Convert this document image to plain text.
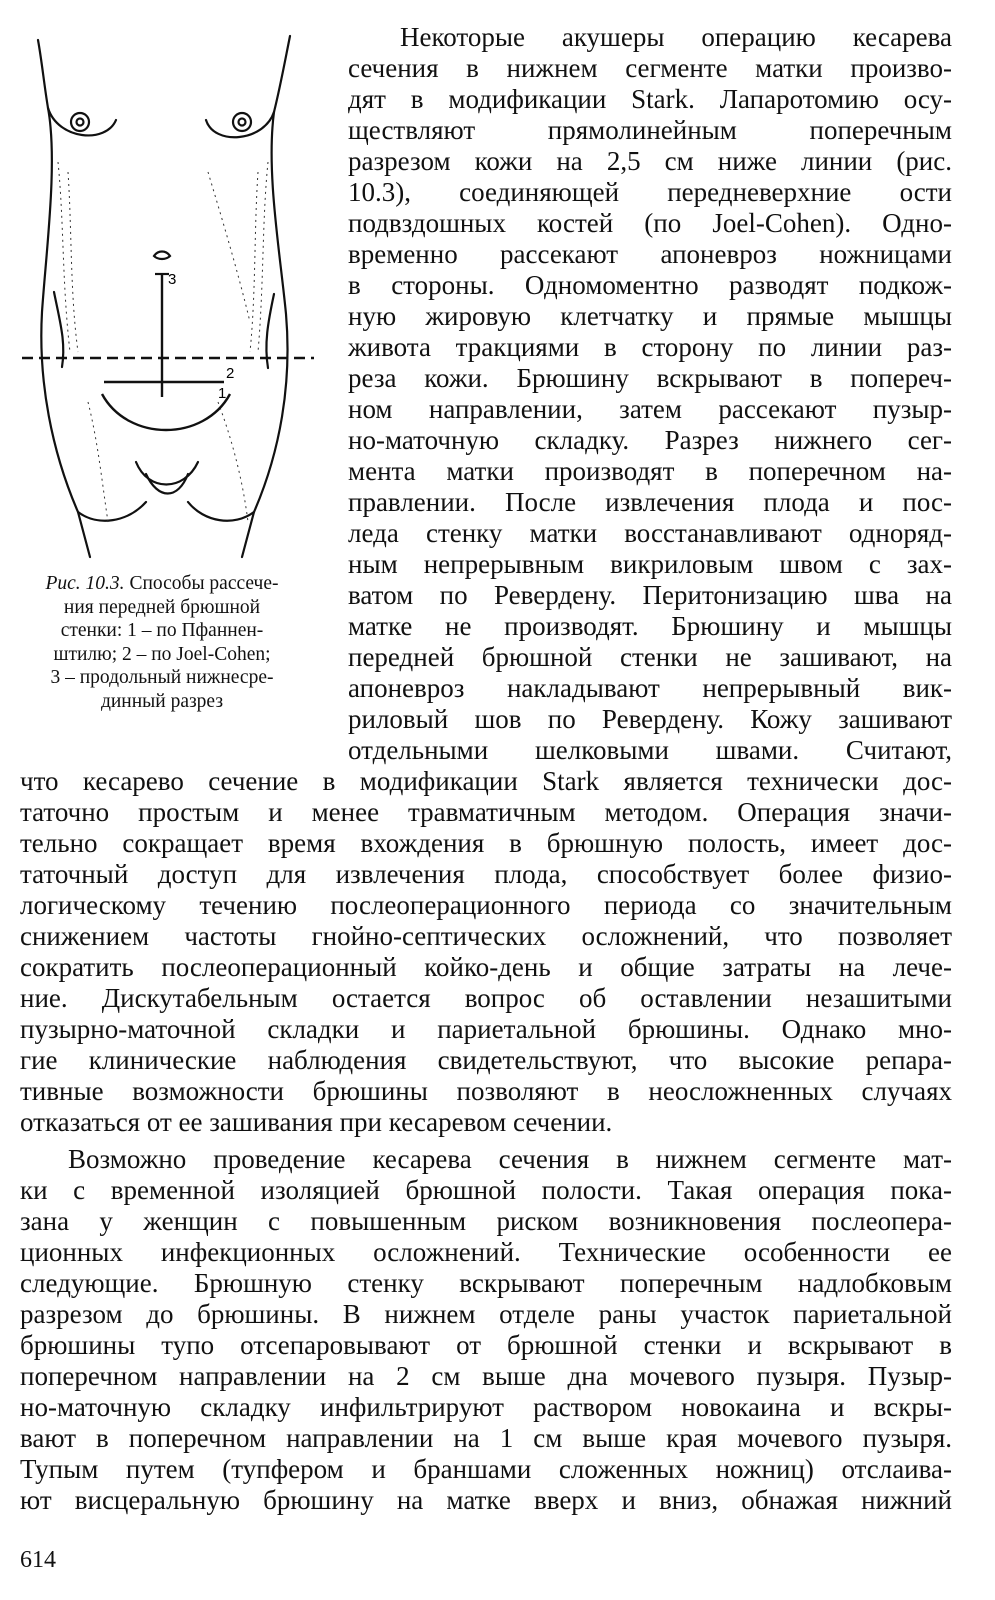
3
2
1
Рис. 10.3. Способы рассече-
ния передней брюшной
стенки: 1 – по Пфаннен-
штилю; 2 – по Joel-Cohen;
3 – продольный нижнесре-
динный разрез
Некоторые акушеры операцию кесарева
сечения в нижнем сегменте матки произво-
дят в модификации Stark. Лапаротомию осу-
ществляют прямолинейным поперечным
разрезом кожи на 2,5 см ниже линии (рис.
10.3), соединяющей передневерхние ости
подвздошных костей (по Joel-Cohen). Одно-
временно рассекают апоневроз ножницами
в стороны. Одномоментно разводят подкож-
ную жировую клетчатку и прямые мышцы
живота тракциями в сторону по линии раз-
реза кожи. Брюшину вскрывают в попереч-
ном направлении, затем рассекают пузыр-
но-маточную складку. Разрез нижнего сег-
мента матки производят в поперечном на-
правлении. После извлечения плода и пос-
леда стенку матки восстанавливают одноряд-
ным непрерывным викриловым швом с зах-
ватом по Ревердену. Перитонизацию шва на
матке не производят. Брюшину и мышцы
передней брюшной стенки не зашивают, на
апоневроз накладывают непрерывный вик-
риловый шов по Ревердену. Кожу зашивают
отдельными шелковыми швами. Считают,
что кесарево сечение в модификации Stark является технически дос-
таточно простым и менее травматичным методом. Операция значи-
тельно сокращает время вхождения в брюшную полость, имеет дос-
таточный доступ для извлечения плода, способствует более физио-
логическому течению послеоперационного периода со значительным
снижением частоты гнойно-септических осложнений, что позволяет
сократить послеоперационный койко-день и общие затраты на лече-
ние. Дискутабельным остается вопрос об оставлении незашитыми
пузырно-маточной складки и париетальной брюшины. Однако мно-
гие клинические наблюдения свидетельствуют, что высокие репара-
тивные возможности брюшины позволяют в неосложненных случаях
отказаться от ее зашивания при кесаревом сечении.
Возможно проведение кесарева сечения в нижнем сегменте мат-
ки с временной изоляцией брюшной полости. Такая операция пока-
зана у женщин с повышенным риском возникновения послеопера-
ционных инфекционных осложнений. Технические особенности ее
следующие. Брюшную стенку вскрывают поперечным надлобковым
разрезом до брюшины. В нижнем отделе раны участок париетальной
брюшины тупо отсепаровывают от брюшной стенки и вскрывают в
поперечном направлении на 2 см выше дна мочевого пузыря. Пузыр-
но-маточную складку инфильтрируют раствором новокаина и вскры-
вают в поперечном направлении на 1 см выше края мочевого пузыря.
Тупым путем (тупфером и браншами сложенных ножниц) отслаива-
ют висцеральную брюшину на матке вверх и вниз, обнажая нижний
614
